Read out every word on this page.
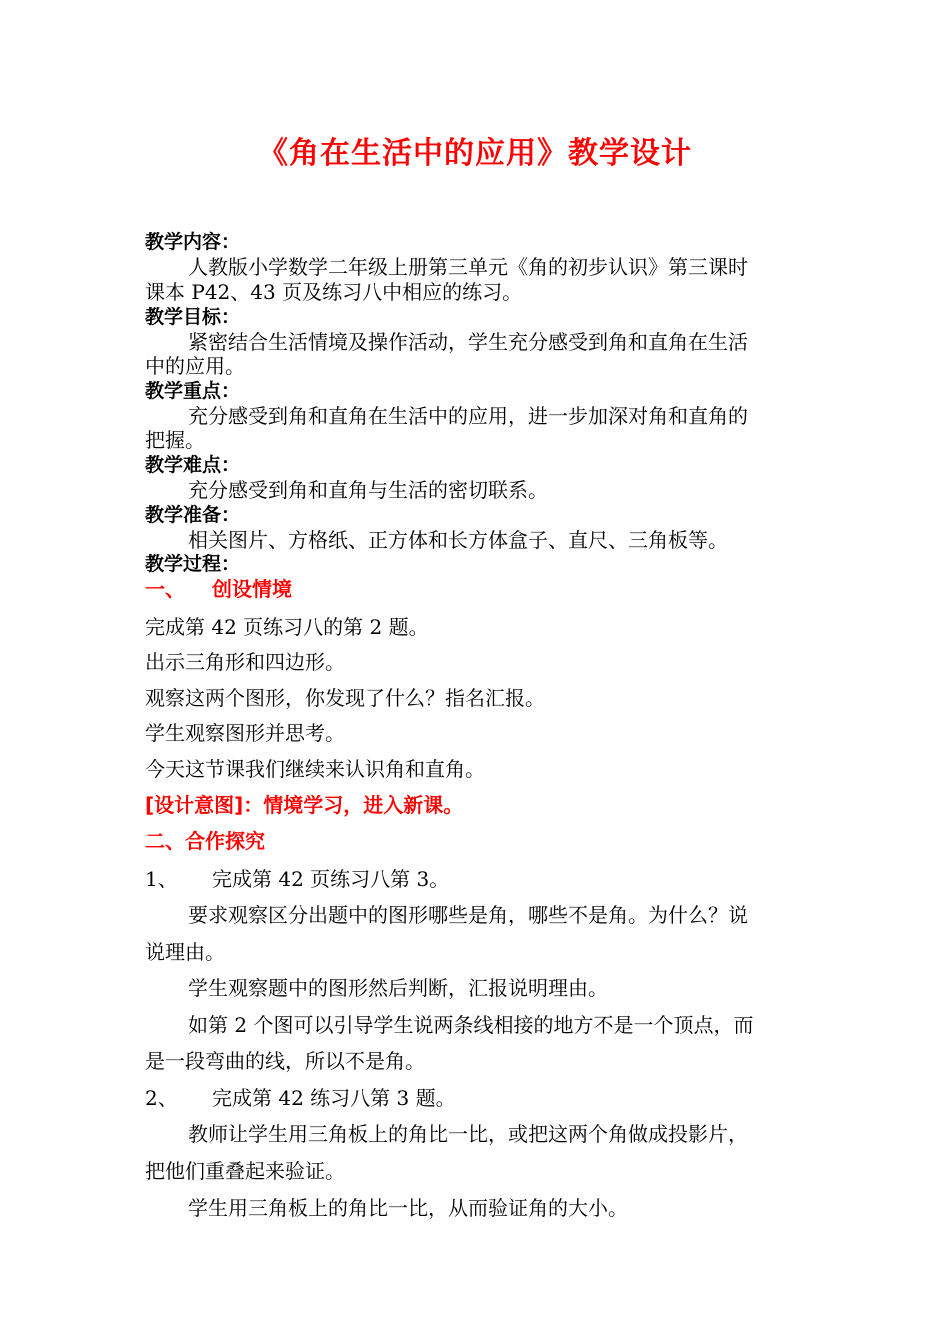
《角在生活中的应用》教学设计
教学内容：
人教版小学数学二年级上册第三单元《角的初步认识》第三课时
课本 P42、43 页及练习八中相应的练习。
教学目标：
紧密结合生活情境及操作活动，学生充分感受到角和直角在生活
中的应用。
教学重点：
充分感受到角和直角在生活中的应用，进一步加深对角和直角的
把握。
教学难点：
充分感受到角和直角与生活的密切联系。
教学准备：
相关图片、方格纸、正方体和长方体盒子、直尺、三角板等。
教学过程：
一、 创设情境
完成第 42 页练习八的第 2 题。
出示三角形和四边形。
观察这两个图形，你发现了什么？指名汇报。
学生观察图形并思考。
今天这节课我们继续来认识角和直角。
[设计意图]：情境学习，进入新课。
二、合作探究
1、 完成第 42 页练习八第 3。
要求观察区分出题中的图形哪些是角，哪些不是角。为什么？说
说理由。
学生观察题中的图形然后判断，汇报说明理由。
如第 2 个图可以引导学生说两条线相接的地方不是一个顶点，而
是一段弯曲的线，所以不是角。
2、 完成第 42 练习八第 3 题。
教师让学生用三角板上的角比一比，或把这两个角做成投影片，
把他们重叠起来验证。
学生用三角板上的角比一比，从而验证角的大小。
